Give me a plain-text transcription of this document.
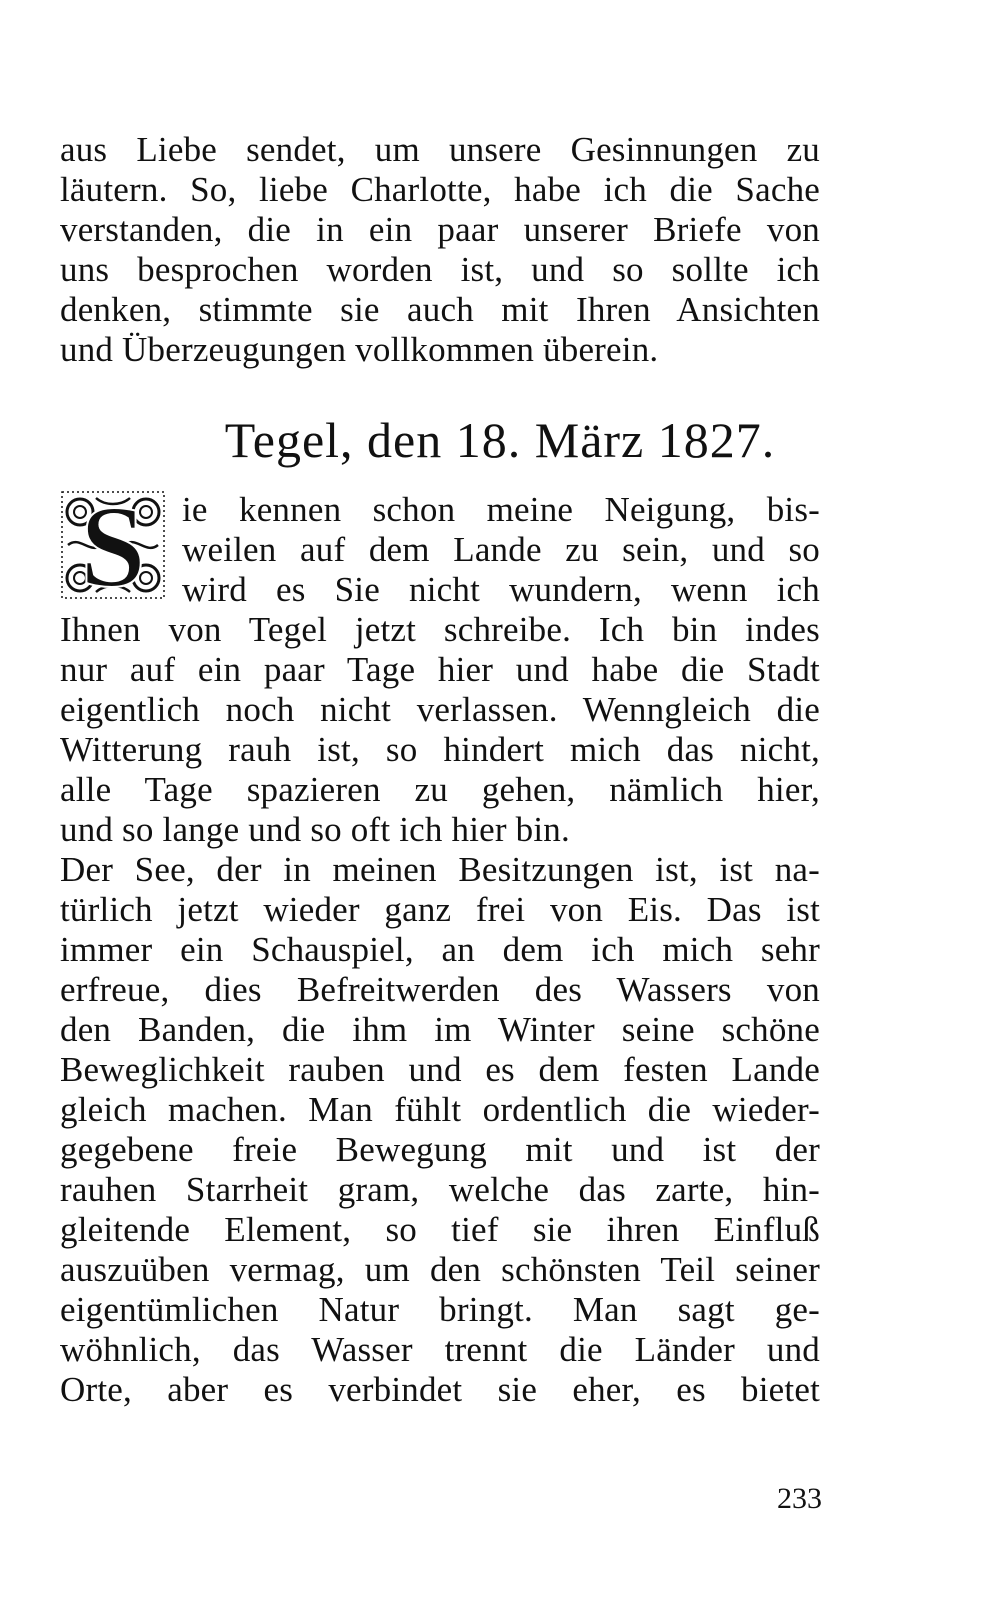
aus Liebe sendet, um unsere Gesinnungen zu
läutern. So, liebe Charlotte, habe ich die Sache
verstanden, die in ein paar unserer Briefe von
uns besprochen worden ist, und so sollte ich
denken, stimmte sie auch mit Ihren Ansichten
und Überzeugungen vollkommen überein.
Tegel, den 18. März 1827.
S ie kennen schon meine Neigung, bis-
weilen auf dem Lande zu sein, und so
wird es Sie nicht wundern, wenn ich
Ihnen von Tegel jetzt schreibe. Ich bin indes
nur auf ein paar Tage hier und habe die Stadt
eigentlich noch nicht verlassen. Wenngleich die
Witterung rauh ist, so hindert mich das nicht,
alle Tage spazieren zu gehen, nämlich hier,
und so lange und so oft ich hier bin.
Der See, der in meinen Besitzungen ist, ist na-
türlich jetzt wieder ganz frei von Eis. Das ist
immer ein Schauspiel, an dem ich mich sehr
erfreue, dies Befreitwerden des Wassers von
den Banden, die ihm im Winter seine schöne
Beweglichkeit rauben und es dem festen Lande
gleich machen. Man fühlt ordentlich die wieder-
gegebene freie Bewegung mit und ist der
rauhen Starrheit gram, welche das zarte, hin-
gleitende Element, so tief sie ihren Einfluß
auszuüben vermag, um den schönsten Teil seiner
eigentümlichen Natur bringt. Man sagt ge-
wöhnlich, das Wasser trennt die Länder und
Orte, aber es verbindet sie eher, es bietet
233
